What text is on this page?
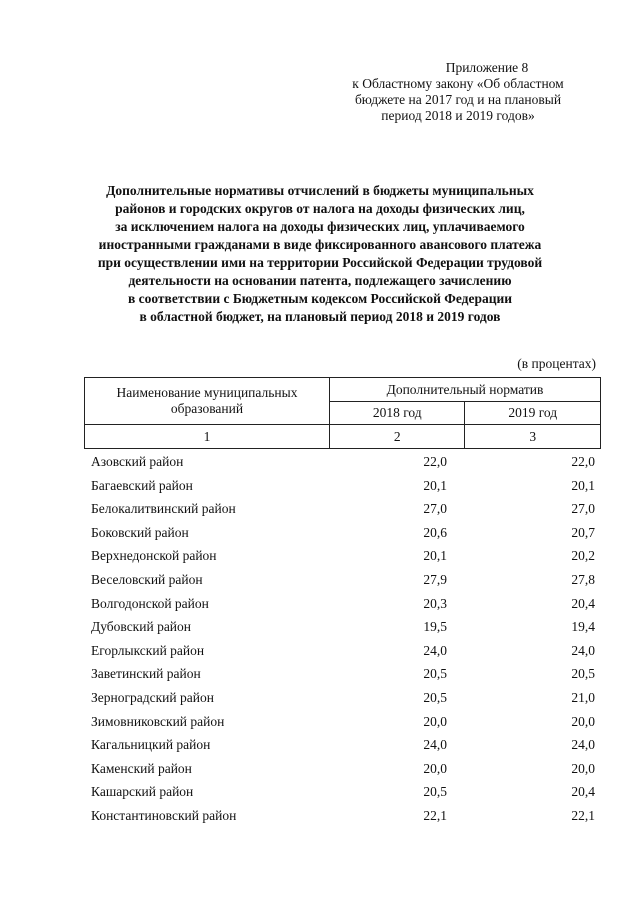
Приложение 8
к Областному закону «Об областном
бюджете на 2017 год и на плановый
период 2018 и 2019 годов»
Дополнительные нормативы отчислений в бюджеты муниципальных
районов и городских округов от налога на доходы физических лиц,
за исключением налога на доходы физических лиц, уплачиваемого
иностранными гражданами в виде фиксированного авансового платежа
при осуществлении ими на территории Российской Федерации трудовой
деятельности на основании патента, подлежащего зачислению
в соответствии с Бюджетным кодексом Российской Федерации
в областной бюджет, на плановый период 2018 и 2019 годов
(в процентах)
Наименование муниципальных
образований	Дополнительный норматив	
	2018 год	2019 год
1	2	3
Азовский район	22,0	22,0
Багаевский район	20,1	20,1
Белокалитвинский район	27,0	27,0
Боковский район	20,6	20,7
Верхнедонской район	20,1	20,2
Веселовский район	27,9	27,8
Волгодонской район	20,3	20,4
Дубовский район	19,5	19,4
Егорлыкский район	24,0	24,0
Заветинский район	20,5	20,5
Зерноградский район	20,5	21,0
Зимовниковский район	20,0	20,0
Кагальницкий район	24,0	24,0
Каменский район	20,0	20,0
Кашарский район	20,5	20,4
Константиновский район	22,1	22,1
